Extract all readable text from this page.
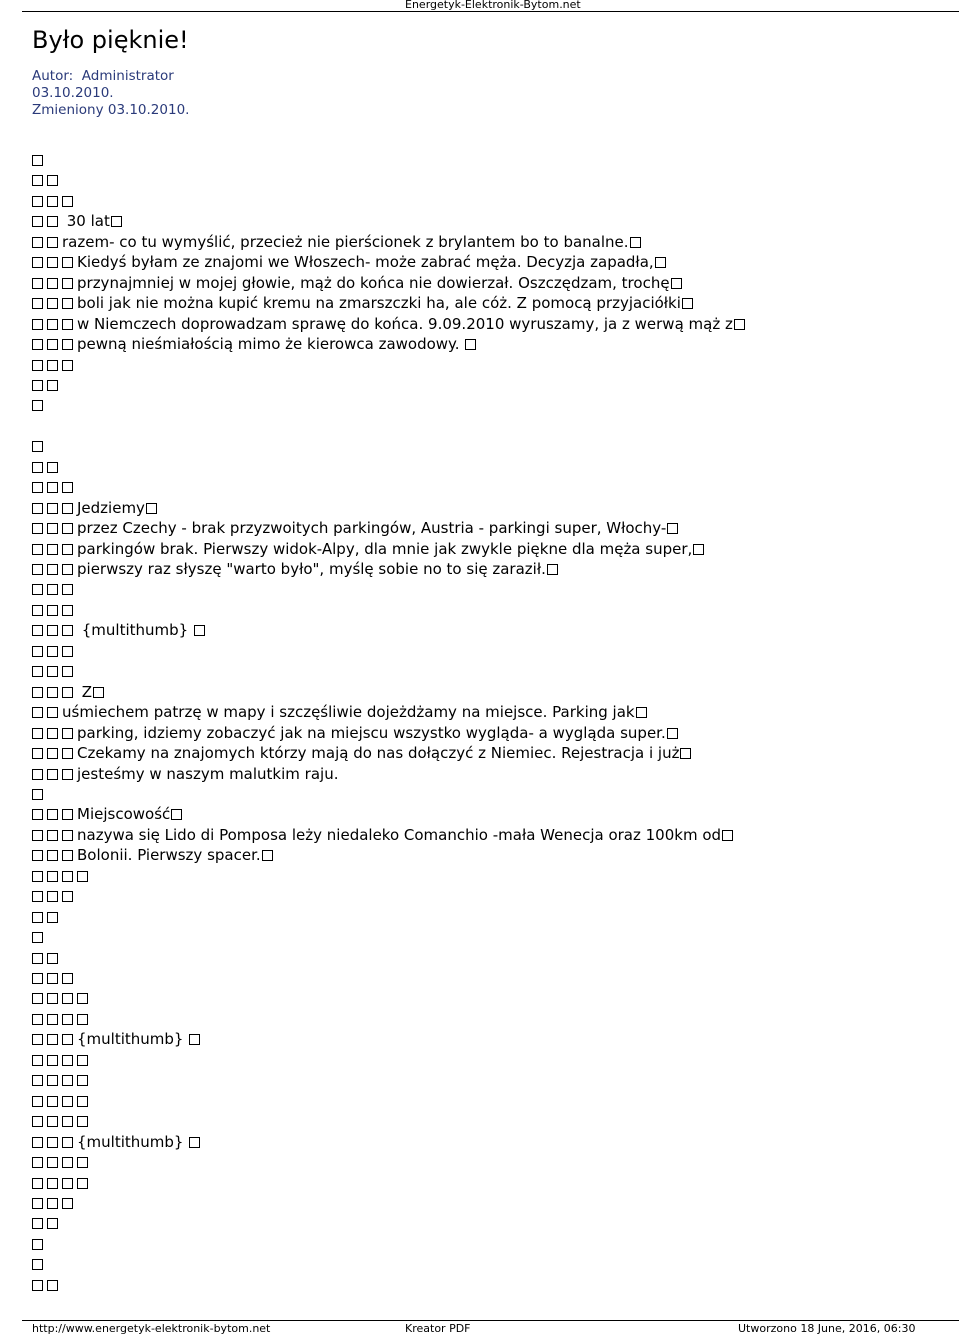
Energetyk-Elektronik-Bytom.net
Było pięknie!
Autor:  Administrator
03.10.2010.
Zmieniony 03.10.2010.
30 lat
razem- co tu wymyślić, przecież nie pierścionek z brylantem bo to banalne.
Kiedyś byłam ze znajomi we Włoszech- może zabrać męża. Decyzja zapadła,
przynajmniej w mojej głowie, mąż do końca nie dowierzał. Oszczędzam, trochę
boli jak nie można kupić kremu na zmarszczki ha, ale cóż. Z pomocą przyjaciółki
w Niemczech doprowadzam sprawę do końca. 9.09.2010 wyruszamy, ja z werwą mąż z
pewną nieśmiałością mimo że kierowca zawodowy.
Jedziemy
przez Czechy - brak przyzwoitych parkingów, Austria - parkingi super, Włochy-
parkingów brak. Pierwszy widok-Alpy, dla mnie jak zwykle piękne dla męża super,
pierwszy raz słyszę "warto było", myślę sobie no to się zaraził.
{multithumb}
Z
uśmiechem patrzę w mapy i szczęśliwie dojeżdżamy na miejsce. Parking jak
parking, idziemy zobaczyć jak na miejscu wszystko wygląda- a wygląda super.
Czekamy na znajomych którzy mają do nas dołączyć z Niemiec. Rejestracja i już
jesteśmy w naszym malutkim raju.
Miejscowość
nazywa się Lido di Pomposa leży niedaleko Comanchio -mała Wenecja oraz 100km od
Bolonii. Pierwszy spacer.
{multithumb}
{multithumb}
http://www.energetyk-elektronik-bytom.net	Kreator PDF	Utworzono 18 June, 2016, 06:30
